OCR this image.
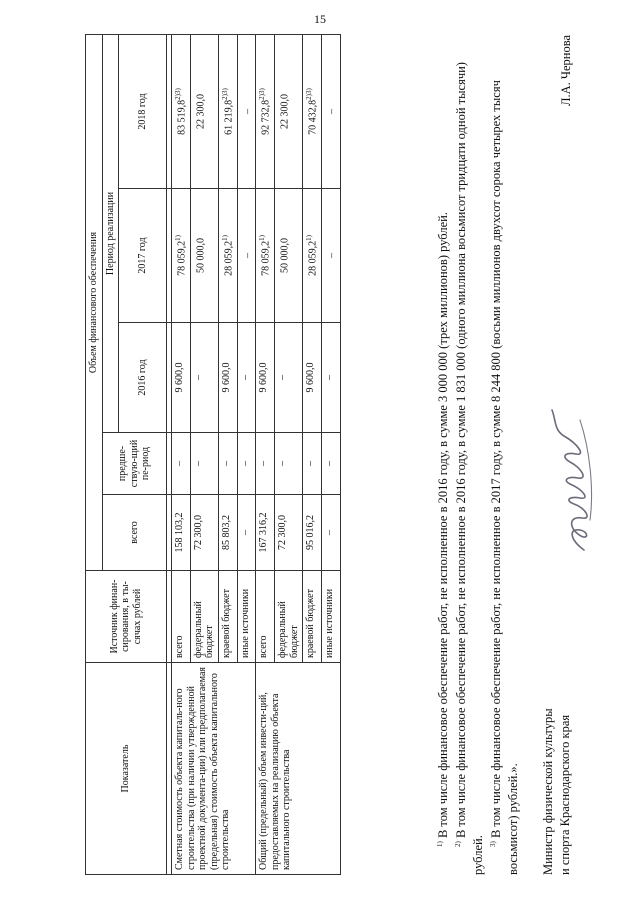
15
Показатель	Источник финан-сирования, в ты-сячах рублей	Объем финансового обеспечения				
		всего	предше-ствую-щий пе-риод	Период реализации		
				2016 год	2017 год	2018 год

Сметная стоимость объекта капиталь-ного строительства (при наличии утвержденной проектной документа-ции) или предполагаемая (предельная) стоимость объекта капитального строительства	всего	158 103,2	–	9 600,0	78 059,2$^{1)}$	83 $519,8^{2)3)}$
	федеральный бюджет	72 300,0	–	–	50 000,0	22 300,0
	краевой бюджет	85 803,2	–	9 600,0	28 059,2$^{1)}$	61 $219,8^{2)3)}$
	иные источники	–	–	–	–	–
Общий (предельный) объем инвести-ций, предоставляемых на реализацию объекта капитального строительства	всего	167 316,2	–	9 600,0	78 059,2$^{1)}$	92 $732,8^{2)3)}$
	федеральный бюджет	72 300,0	–	–	50 000,0	22 300,0
	краевой бюджет	95 016,2	–	9 600,0	28 059,2$^{1)}$	70 $432,8^{2)3)}$
	иные источники	–	–	–	–	–

$^{1)}$ В том числе финансовое обеспечение работ, не исполненное в 2016 году, в сумме 3 000 000 (трех миллионов) рублей.

$^{2)}$ В том числе финансовое обеспечение работ, не исполненное в 2016 году, в сумме 1 831 000 (одного миллиона восьмисот тридцати одной тысячи) рублей. $^{3)}$ В том числе финансовое обеспечение работ, не исполненное в 2017 году, в сумме 8 244 800 (восьми миллионов двухсот сорока четырех тысяч восьмисот) рублей.». Министр физической культуры и спорта Краснодарского края
Л.А. Чернова
